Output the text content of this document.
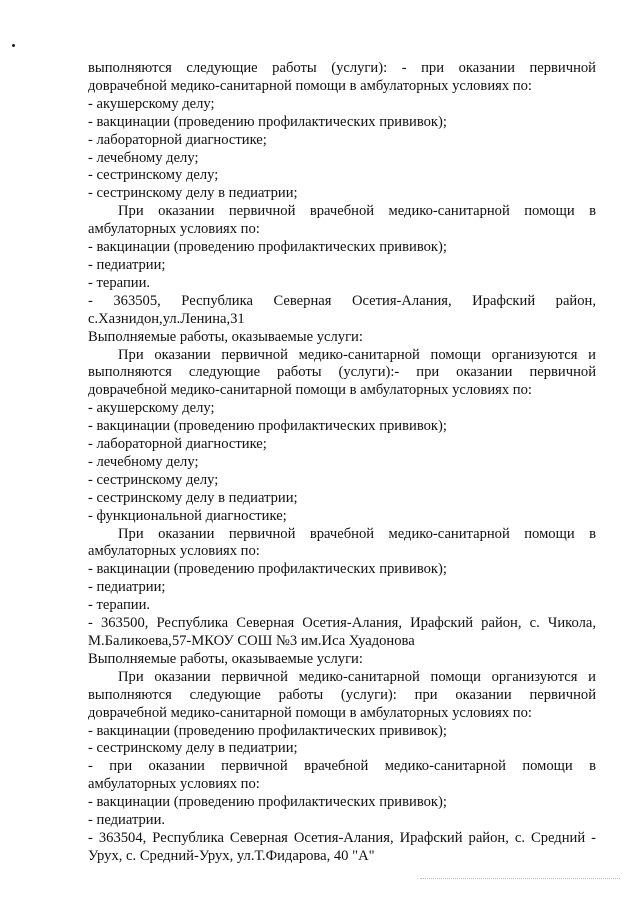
выполняются следующие работы (услуги): - при оказании первичной
доврачебной медико-санитарной помощи в амбулаторных условиях по:
- акушерскому делу;
- вакцинации (проведению профилактических прививок);
- лабораторной диагностике;
- лечебному делу;
- сестринскому делу;
- сестринскому делу в педиатрии;
При оказании первичной врачебной медико-санитарной помощи в
амбулаторных условиях по:
- вакцинации (проведению профилактических прививок);
- педиатрии;
- терапии.
- 363505, Республика Северная Осетия-Алания, Ирафский район,
с.Хазнидон,ул.Ленина,31
Выполняемые работы, оказываемые услуги:
При оказании первичной медико-санитарной помощи организуются и
выполняются следующие работы (услуги):- при оказании первичной
доврачебной медико-санитарной помощи в амбулаторных условиях по:
- акушерскому делу;
- вакцинации (проведению профилактических прививок);
- лабораторной диагностике;
- лечебному делу;
- сестринскому делу;
- сестринскому делу в педиатрии;
- функциональной диагностике;
При оказании первичной врачебной медико-санитарной помощи в
амбулаторных условиях по:
- вакцинации (проведению профилактических прививок);
- педиатрии;
- терапии.
- 363500, Республика Северная Осетия-Алания, Ирафский район, с. Чикола,
М.Баликоева,57-МКОУ СОШ №3 им.Иса Хуадонова
Выполняемые работы, оказываемые услуги:
При оказании первичной медико-санитарной помощи организуются и
выполняются следующие работы (услуги): при оказании первичной
доврачебной медико-санитарной помощи в амбулаторных условиях по:
- вакцинации (проведению профилактических прививок);
- сестринскому делу в педиатрии;
- при оказании первичной врачебной медико-санитарной помощи в
амбулаторных условиях по:
- вакцинации (проведению профилактических прививок);
- педиатрии.
- 363504, Республика Северная Осетия-Алания, Ирафский район, с. Средний -
Урух, с. Средний-Урух, ул.Т.Фидарова, 40 "А"
